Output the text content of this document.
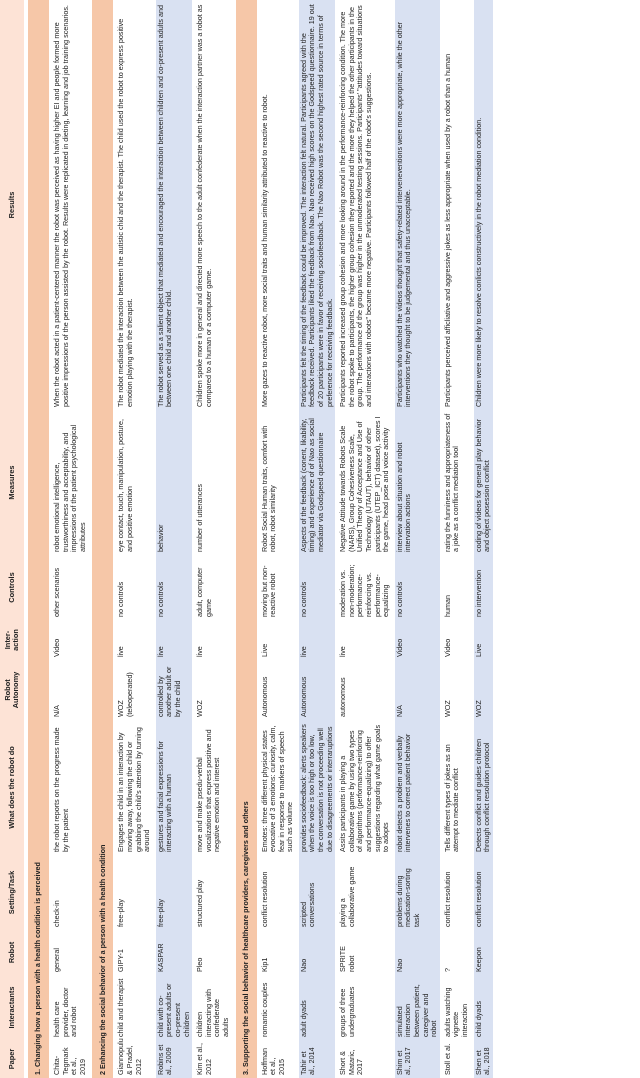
Paper	Interactants	Robot	Setting/Task	What does the robot do	Robot Autonomy	Inter-action	Controls	Measures	Results
1. Changing how a person with a health condition is perceived									
Chita-Tegmark et al., 2019	health care provider, doctor and robot	general	check-in	the robot reports on the progress made by the patient	N/A	Video	other scenarios	robot emotional intelligence, trustworthiness and acceptability, and impressions of the patient psychological attributes	When the robot acted in a patient-centered manner the robot was perceived as having higher EI and people formed more positive impressions of the person assisted by the robot. Results were replicated in dieting, learning and job training scenarios.
2 Enhancing the social behavior of a person with a health condition									
Giannopulu & Pradel, 2012	child and therapist	GIPY-1	free-play	Engages the child in an interaction by moving away, following the child or grabbing the child's attention by turning around	WOZ (teleoperated)	live	no controls	eye contact, touch, manipulation, posture, and positive emotion	The robot mediated the interaction between the autistic chid and the therapist. The child used the robot to express positive emotion playing with the therapist.
Robins et al., 2009	child with co-present adults or co-present children	KASPAR	free-play	gestures and facial expressions for interacting with a human	controlled by another adult or by the child	live	no controls	behavior	The robot served as a salient object that mediated and encouraged the interaction between children and co-present adults and between one child and another child.
Kim et al., 2012	children interacting with confederate adults	Pleo	structured play	move and make psedu-verbal vocalizations that express positive and negative emotion and interest	WOZ	live	adult, computer game	number of utterances	Children spoke more in general and directed more speech to the adult confederate when the interaction partner was a robot as compared to a human or a computer game.
3. Supporting the social behavior of healthcare providers, caregivers and others									
Hoffman et al., 2015	romantic couples	Kip1	conflict resolution	Emotes: three different physical states evocative of 3 emotions: curiosity, calm, fear in response to markers of speech such as volume	Autonomous	Live	moving but non-reactive robot	Robot Social Human traits, comfort with robot, robot similarity	More gazes to reactive robot, more social traits and human similarity attributed to reactive to robot.
Tahir et al., 2014	adult dyads	Nao	scripted conversations	provides sociofeedback: alerts speakers when the voice is too high or too low, the conversation is not proceeding well due to disagreements or interraruptions	Autonomous	live	no controls	Aspects of the feedback (conent, likability, timing) and experience of of Nao as social mediator via Godspeed questionnaire	Participants felt the timing of the feedback could be improved. The interaction felt natural. Participants agreed with the feedback received. Participants liked the feedback from Nao. Nao received high scores on the Godspeed questionnaire. 19 out of 20 participants were in favor of receiving sociofeedback. The Nao Robot was the second highest rated source in terms of preference for receiving feedback.
Short & Mataric, 2017	groups of three undergraduates	SPRITE robot	playing a collaborative game	Assits participants in playing a collaborative game by using two types of algorithms (performance-reinforcing and performance-equalizing) to offer suggestions regarding what game goals to adopts	autonomous	live	moderation vs. non-moderation; performance-reinforcing vs. performance-equalizing	Negative Attitude towards Robots Scale (NARS), Group Cohesiveness Scale, Unified Theory of Acceptance and Use of Technology (UTAUT), behavior of other participants (UTEP_ICT) dataset), scores I the game, head pose and voice activity	Participants reported increased group cohesion and more looking around in the performance-reinforcing condition. The more the robot spoke to participants, the higher group cohesion they reported and the more they helped the other participants in the group. The performance of the group was higher in the unmoderated testing sessions. Participants' "attitudes toward situations and interactions with robots" became more negative. Participants followed half of the robot's suggestions.
Shim et al., 2017	simulated interaction between patient, caregiver and robot	Nao	problems during medication-sorting task	robot detects a problem and verbally intervenes to correct patient behavior	N/A	Video	no controls	interview about situation and robot intervation actions	Participants who watched the videos thought that safety-related interveneventions were more appropriate, while the other interventions they thought to be judgemental and thus unacceptable.
Stoll et al.	adults watching vignette interaction	?	conflict resolution	Tells different types of jokes as an attempt to mediate conflict	WOZ	Video	human	rating the funniness and appropriateness of a joke as a conflict mediation tool	Participants perceived afficliative and aggressive jokes as less appropriate when used by a robot than a human
Shen et al., 2018	child dyads	Keepon	conflict resolution	Detects conflict and guides children through conflict resolution protocol	WOZ	Live	no intervention	coding of videos for general play behavior and object posession conflict	Children were more likely to resolve conlicts constructively in the robot mediation condition.
